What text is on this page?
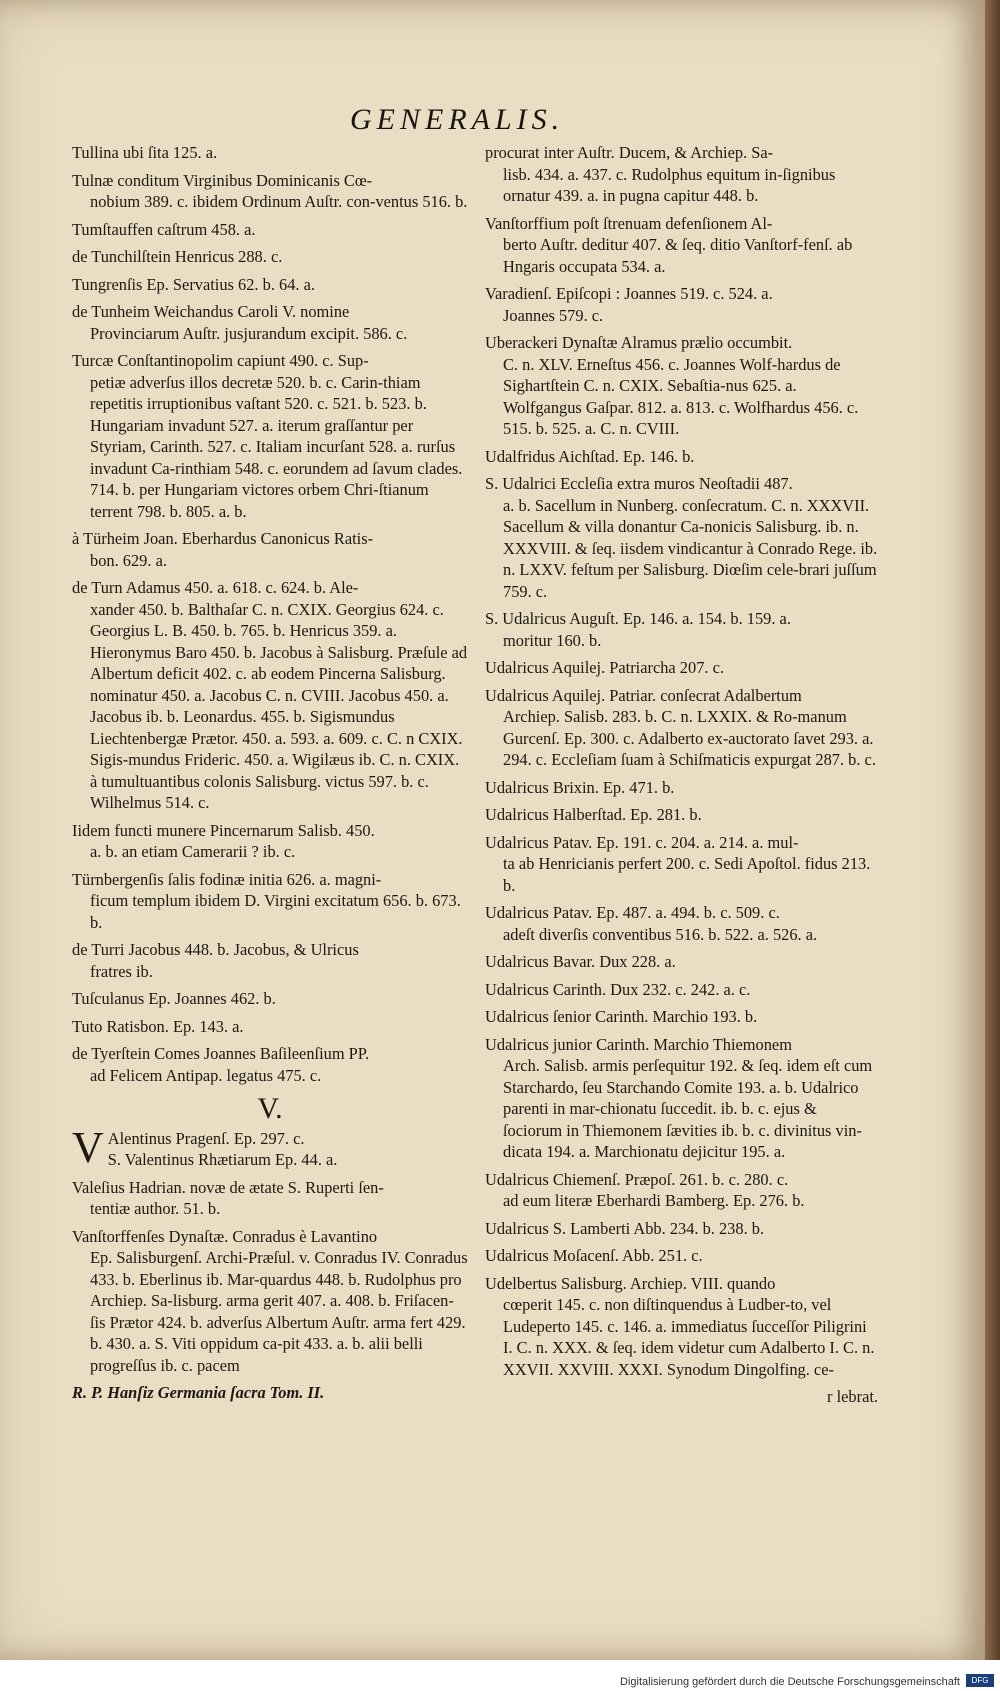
GENERALIS.
Tullina ubi ſita 125. a.
Tulnæ conditum Virginibus Dominicanis Cœ-
nobium 389. c. ibidem Ordinum Auſtr. con-ventus 516. b.
Tumſtauffen caſtrum 458. a.
de Tunchilſtein Henricus 288. c.
Tungrenſis Ep. Servatius 62. b. 64. a.
de Tunheim Weichandus Caroli V. nomine
Provinciarum Auſtr. jusjurandum excipit. 586. c.
Turcæ Conſtantinopolim capiunt 490. c. Sup-
petiæ adverſus illos decretæ 520. b. c. Carin-thiam repetitis irruptionibus vaſtant 520. c. 521. b. 523. b. Hungariam invadunt 527. a. iterum graſſantur per Styriam, Carinth. 527. c. Italiam incurſant 528. a. rurſus invadunt Ca-rinthiam 548. c. eorundem ad ſavum clades. 714. b. per Hungariam victores orbem Chri-ſtianum terrent 798. b. 805. a. b.
à Türheim Joan. Eberhardus Canonicus Ratis-
bon. 629. a.
de Turn Adamus 450. a. 618. c. 624. b. Ale-
xander 450. b. Balthaſar C. n. CXIX. Georgius 624. c. Georgius L. B. 450. b. 765. b. Henricus 359. a. Hieronymus Baro 450. b. Jacobus à Salisburg. Præſule ad Albertum deficit 402. c. ab eodem Pincerna Salisburg. nominatur 450. a. Jacobus C. n. CVIII. Jacobus 450. a. Jacobus ib. b. Leonardus. 455. b. Sigismundus Liechtenbergæ Prætor. 450. a. 593. a. 609. c. C. n CXIX. Sigis-mundus Frideric. 450. a. Wigilæus ib. C. n. CXIX. à tumultuantibus colonis Salisburg. victus 597. b. c. Wilhelmus 514. c.
Iidem functi munere Pincernarum Salisb. 450.
a. b. an etiam Camerarii ? ib. c.
Türnbergenſis ſalis fodinæ initia 626. a. magni-
ficum templum ibidem D. Virgini excitatum 656. b. 673. b.
de Turri Jacobus 448. b. Jacobus, & Ulricus
fratres ib.
Tuſculanus Ep. Joannes 462. b.
Tuto Ratisbon. Ep. 143. a.
de Tyerſtein Comes Joannes Baſileenſium PP.
ad Felicem Antipap. legatus 475. c.
V.
V Alentinus Pragenſ. Ep. 297. c.
S. Valentinus Rhætiarum Ep. 44. a.
Valeſius Hadrian. novæ de ætate S. Ruperti ſen-
tentiæ author. 51. b.
Vanſtorffenſes Dynaſtæ. Conradus è Lavantino
Ep. Salisburgenſ. Archi-Præſul. v. Conradus IV. Conradus 433. b. Eberlinus ib. Mar-quardus 448. b. Rudolphus pro Archiep. Sa-lisburg. arma gerit 407. a. 408. b. Friſacen-ſis Prætor 424. b. adverſus Albertum Auſtr. arma fert 429. b. 430. a. S. Viti oppidum ca-pit 433. a. b. alii belli progreſſus ib. c. pacem
R. P. Hanſiz Germania ſacra Tom. II.
procurat inter Auſtr. Ducem, & Archiep. Sa-
lisb. 434. a. 437. c. Rudolphus equitum in-ſignibus ornatur 439. a. in pugna capitur 448. b.
Vanſtorffium poſt ſtrenuam defenſionem Al-
berto Auſtr. deditur 407. & ſeq. ditio Vanſtorf-fenſ. ab Hngaris occupata 534. a.
Varadienſ. Epiſcopi : Joannes 519. c. 524. a.
Joannes 579. c.
Uberackeri Dynaſtæ Alramus prælio occumbit.
C. n. XLV. Erneſtus 456. c. Joannes Wolf-hardus de Sighartſtein C. n. CXIX. Sebaſtia-nus 625. a. Wolfgangus Gaſpar. 812. a. 813. c. Wolfhardus 456. c. 515. b. 525. a. C. n. CVIII.
Udalfridus Aichſtad. Ep. 146. b.
S. Udalrici Eccleſia extra muros Neoſtadii 487.
a. b. Sacellum in Nunberg. conſecratum. C. n. XXXVII. Sacellum & villa donantur Ca-nonicis Salisburg. ib. n. XXXVIII. & ſeq. iisdem vindicantur à Conrado Rege. ib. n. LXXV. feſtum per Salisburg. Diœſim cele-brari juſſum 759. c.
S. Udalricus Auguſt. Ep. 146. a. 154. b. 159. a.
moritur 160. b.
Udalricus Aquilej. Patriarcha 207. c.
Udalricus Aquilej. Patriar. conſecrat Adalbertum
Archiep. Salisb. 283. b. C. n. LXXIX. & Ro-manum Gurcenſ. Ep. 300. c. Adalberto ex-auctorato ſavet 293. a. 294. c. Eccleſiam ſuam à Schiſmaticis expurgat 287. b. c.
Udalricus Brixin. Ep. 471. b.
Udalricus Halberſtad. Ep. 281. b.
Udalricus Patav. Ep. 191. c. 204. a. 214. a. mul-
ta ab Henricianis perfert 200. c. Sedi Apoſtol. fidus 213. b.
Udalricus Patav. Ep. 487. a. 494. b. c. 509. c.
adeſt diverſis conventibus 516. b. 522. a. 526. a.
Udalricus Bavar. Dux 228. a.
Udalricus Carinth. Dux 232. c. 242. a. c.
Udalricus ſenior Carinth. Marchio 193. b.
Udalricus junior Carinth. Marchio Thiemonem
Arch. Salisb. armis perſequitur 192. & ſeq. idem eſt cum Starchardo, ſeu Starchando Comite 193. a. b. Udalrico parenti in mar-chionatu ſuccedit. ib. b. c. ejus & ſociorum in Thiemonem ſævities ib. b. c. divinitus vin-dicata 194. a. Marchionatu dejicitur 195. a.
Udalricus Chiemenſ. Præpoſ. 261. b. c. 280. c.
ad eum literæ Eberhardi Bamberg. Ep. 276. b.
Udalricus S. Lamberti Abb. 234. b. 238. b.
Udalricus Moſacenſ. Abb. 251. c.
Udelbertus Salisburg. Archiep. VIII. quando
cœperit 145. c. non diſtinquendus à Ludber-to, vel Ludeperto 145. c. 146. a. immediatus ſucceſſor Piligrini I. C. n. XXX. & ſeq. idem videtur cum Adalberto I. C. n. XXVII. XXVIII. XXXI. Synodum Dingolfing. ce-
r lebrat.
Digitalisierung gefördert durch die Deutsche Forschungsgemeinschaft	DFG
